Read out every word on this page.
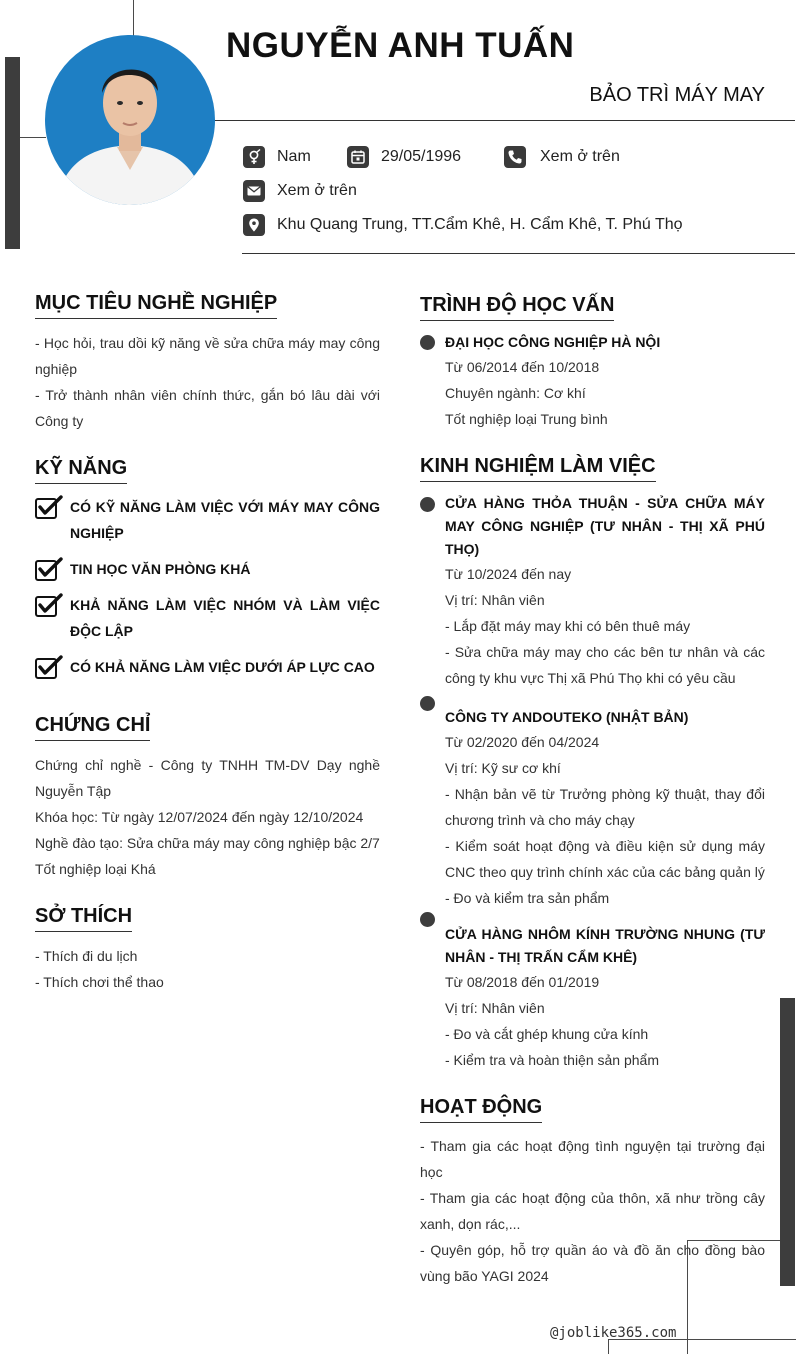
NGUYỄN ANH TUẤN
BẢO TRÌ MÁY MAY
Nam	29/05/1996	Xem ở trên
Xem ở trên
Khu Quang Trung, TT.Cẩm Khê, H. Cẩm Khê, T. Phú Thọ
MỤC TIÊU NGHỀ NGHIỆP
- Học hỏi, trau dồi kỹ năng về sửa chữa máy may công nghiệp
- Trở thành nhân viên chính thức, gắn bó lâu dài với Công ty
KỸ NĂNG
CÓ KỸ NĂNG LÀM VIỆC VỚI MÁY MAY CÔNG NGHIỆP
TIN HỌC VĂN PHÒNG KHÁ
KHẢ NĂNG LÀM VIỆC NHÓM VÀ LÀM VIỆC ĐỘC LẬP
CÓ KHẢ NĂNG LÀM VIỆC DƯỚI ÁP LỰC CAO
CHỨNG CHỈ
Chứng chỉ nghề - Công ty TNHH TM-DV Dạy nghề Nguyễn Tập
Khóa học: Từ ngày 12/07/2024 đến ngày 12/10/2024
Nghề đào tạo: Sửa chữa máy may công nghiệp bậc 2/7
Tốt nghiệp loại Khá
SỞ THÍCH
- Thích đi du lịch
- Thích chơi thể thao
TRÌNH ĐỘ HỌC VẤN
ĐẠI HỌC CÔNG NGHIỆP HÀ NỘI
Từ 06/2014 đến 10/2018
Chuyên ngành: Cơ khí
Tốt nghiệp loại Trung bình
KINH NGHIỆM LÀM VIỆC
CỬA HÀNG THỎA THUẬN - SỬA CHỮA MÁY MAY CÔNG NGHIỆP (TƯ NHÂN - THỊ XÃ PHÚ THỌ)
Từ 10/2024 đến nay
Vị trí: Nhân viên
- Lắp đặt máy may khi có bên thuê máy
- Sửa chữa máy may cho các bên tư nhân và các công ty khu vực Thị xã Phú Thọ khi có yêu cầu
CÔNG TY ANDOUTEKO (NHẬT BẢN)
Từ 02/2020 đến 04/2024
Vị trí: Kỹ sư cơ khí
- Nhận bản vẽ từ Trưởng phòng kỹ thuật, thay đổi chương trình và cho máy chạy
- Kiểm soát hoạt động và điều kiện sử dụng máy CNC theo quy trình chính xác của các bảng quản lý
- Đo và kiểm tra sản phẩm
CỬA HÀNG NHÔM KÍNH TRƯỜNG NHUNG (TƯ NHÂN - THỊ TRẤN CẨM KHÊ)
Từ 08/2018 đến 01/2019
Vị trí: Nhân viên
- Đo và cắt ghép khung cửa kính
- Kiểm tra và hoàn thiện sản phẩm
HOẠT ĐỘNG
- Tham gia các hoạt động tình nguyện tại trường đại học
- Tham gia các hoạt động của thôn, xã như trồng cây xanh, dọn rác,...
- Quyên góp, hỗ trợ quần áo và đồ ăn cho đồng bào vùng bão YAGI 2024
@joblike365.com
